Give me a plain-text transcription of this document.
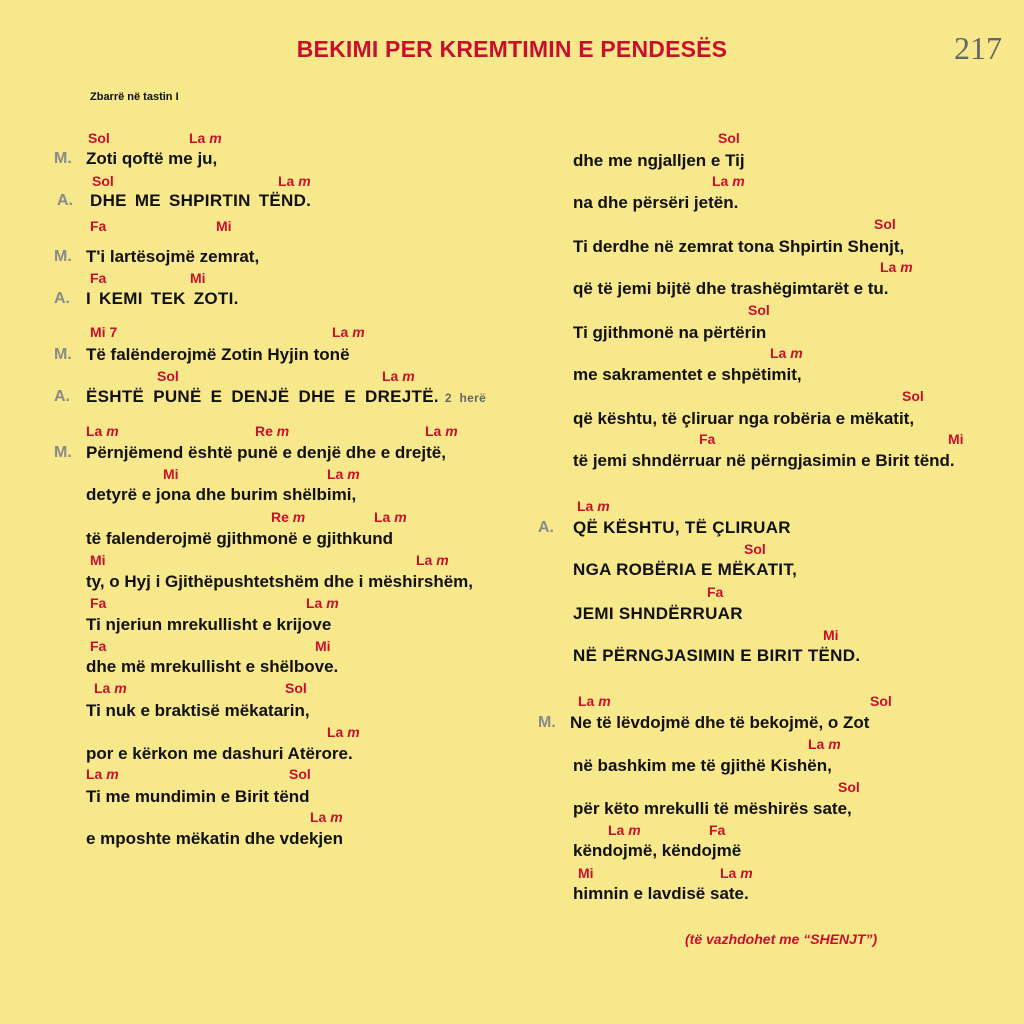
BEKIMI PER KREMTIMIN E PENDESËS	217
Zbarrë në tastin I
Sol	La m
M. Zoti qoftë me ju,
Sol	La m
A. DHE ME SHPIRTIN TËND.
Fa	Mi
M. T'i lartësojmë zemrat,
Fa	Mi
A. I KEMI TEK ZOTI.
Mi 7	La m
M. Të falënderojmë Zotin Hyjin tonë
Sol	La m
A. ËSHTË PUNË E DENJË DHE E DREJTË. 2 herë
La m	Re m	La m
M. Përnjëmend është punë e denjë dhe e drejtë,
Mi	La m
detyrë e jona dhe burim shëlbimi,
Re m	La m
të falenderojmë gjithmonë e gjithkund
Mi	La m
ty, o Hyj i Gjithëpushtetshëm dhe i mëshirshëm,
Fa	La m
Ti njeriun mrekullisht e krijove
Fa	Mi
dhe më mrekullisht e shëlbove.
La m	Sol
Ti nuk e braktisë mëkatarin,
La m
por e kërkon me dashuri Atërore.
La m	Sol
Ti me mundimin e Birit tënd
La m
e mposhte mëkatin dhe vdekjen
Sol
dhe me ngjalljen e Tij
La m
na dhe përsëri jetën.
Sol
Ti derdhe në zemrat tona Shpirtin Shenjt,
La m
që të jemi bijtë dhe trashëgimtarët e tu.
Sol
Ti gjithmonë na përtërin
La m
me sakramentet e shpëtimit,
Sol
që kështu, të çliruar nga robëria e mëkatit,
Fa	Mi
të jemi shndërruar në përngjasimin e Birit tënd.
La m
A. QË KËSHTU, TË ÇLIRUAR
Sol
NGA ROBËRIA E MËKATIT,
Fa
JEMI SHNDËRRUAR
Mi
NË PËRNGJASIMIN E BIRIT TËND.
La m	Sol
M. Ne të lëvdojmë dhe të bekojmë, o Zot
La m
në bashkim me të gjithë Kishën,
Sol
për këto mrekulli të mëshirës sate,
La m	Fa
këndojmë, këndojmë
Mi	La m
himnin e lavdisë sate.
(të vazhdohet me “SHENJT”)
